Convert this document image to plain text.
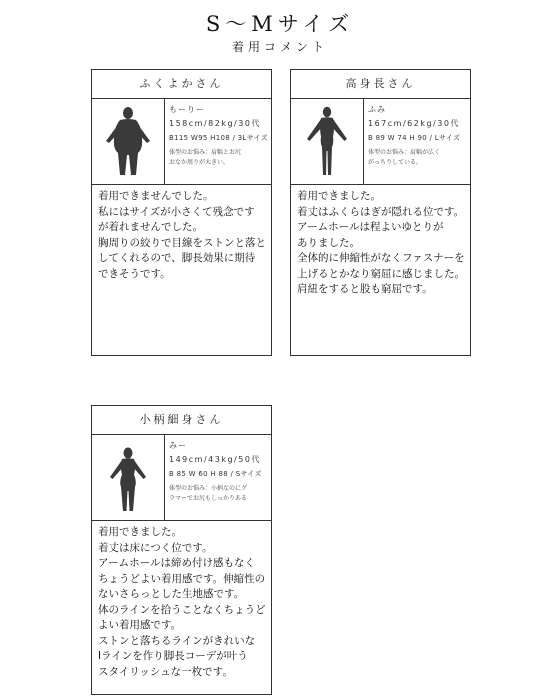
S～Mサイズ
着用コメント
ふくよかさん
もーりー
158cm/82kg/30代
B115 W95 H108 / 3Lサイズ
体型のお悩み：肩幅とお尻
おなか周りが大きい。
着用できませんでした。
私にはサイズが小さくて残念です
が着れませんでした。
胸周りの絞りで目線をストンと落と
してくれるので、脚長効果に期待
できそうです。
高身長さん
ふみ
167cm/62kg/30代
B 89 W 74 H 90 / Lサイズ
体型のお悩み：肩幅が広く
がっちりしている。
着用できました。
着丈はふくらはぎが隠れる位です。
アームホールは程よいゆとりが
ありました。
全体的に伸縮性がなくファスナーを
上げるとかなり窮屈に感じました。
肩紐をすると股も窮屈です。
小柄細身さん
みー
149cm/43kg/50代
B 85 W 60 H 88 / Sサイズ
体型のお悩み：小柄なのにグ
ラマーでお尻もしっかりある
着用できました。
着丈は床につく位です。
アームホールは締め付け感もなく
ちょうどよい着用感です。伸縮性の
ないさらっとした生地感です。
体のラインを拾うことなくちょうど
よい着用感です。
ストンと落ちるラインがきれいな
Iラインを作り脚長コーデが叶う
スタイリッシュな一枚です。
